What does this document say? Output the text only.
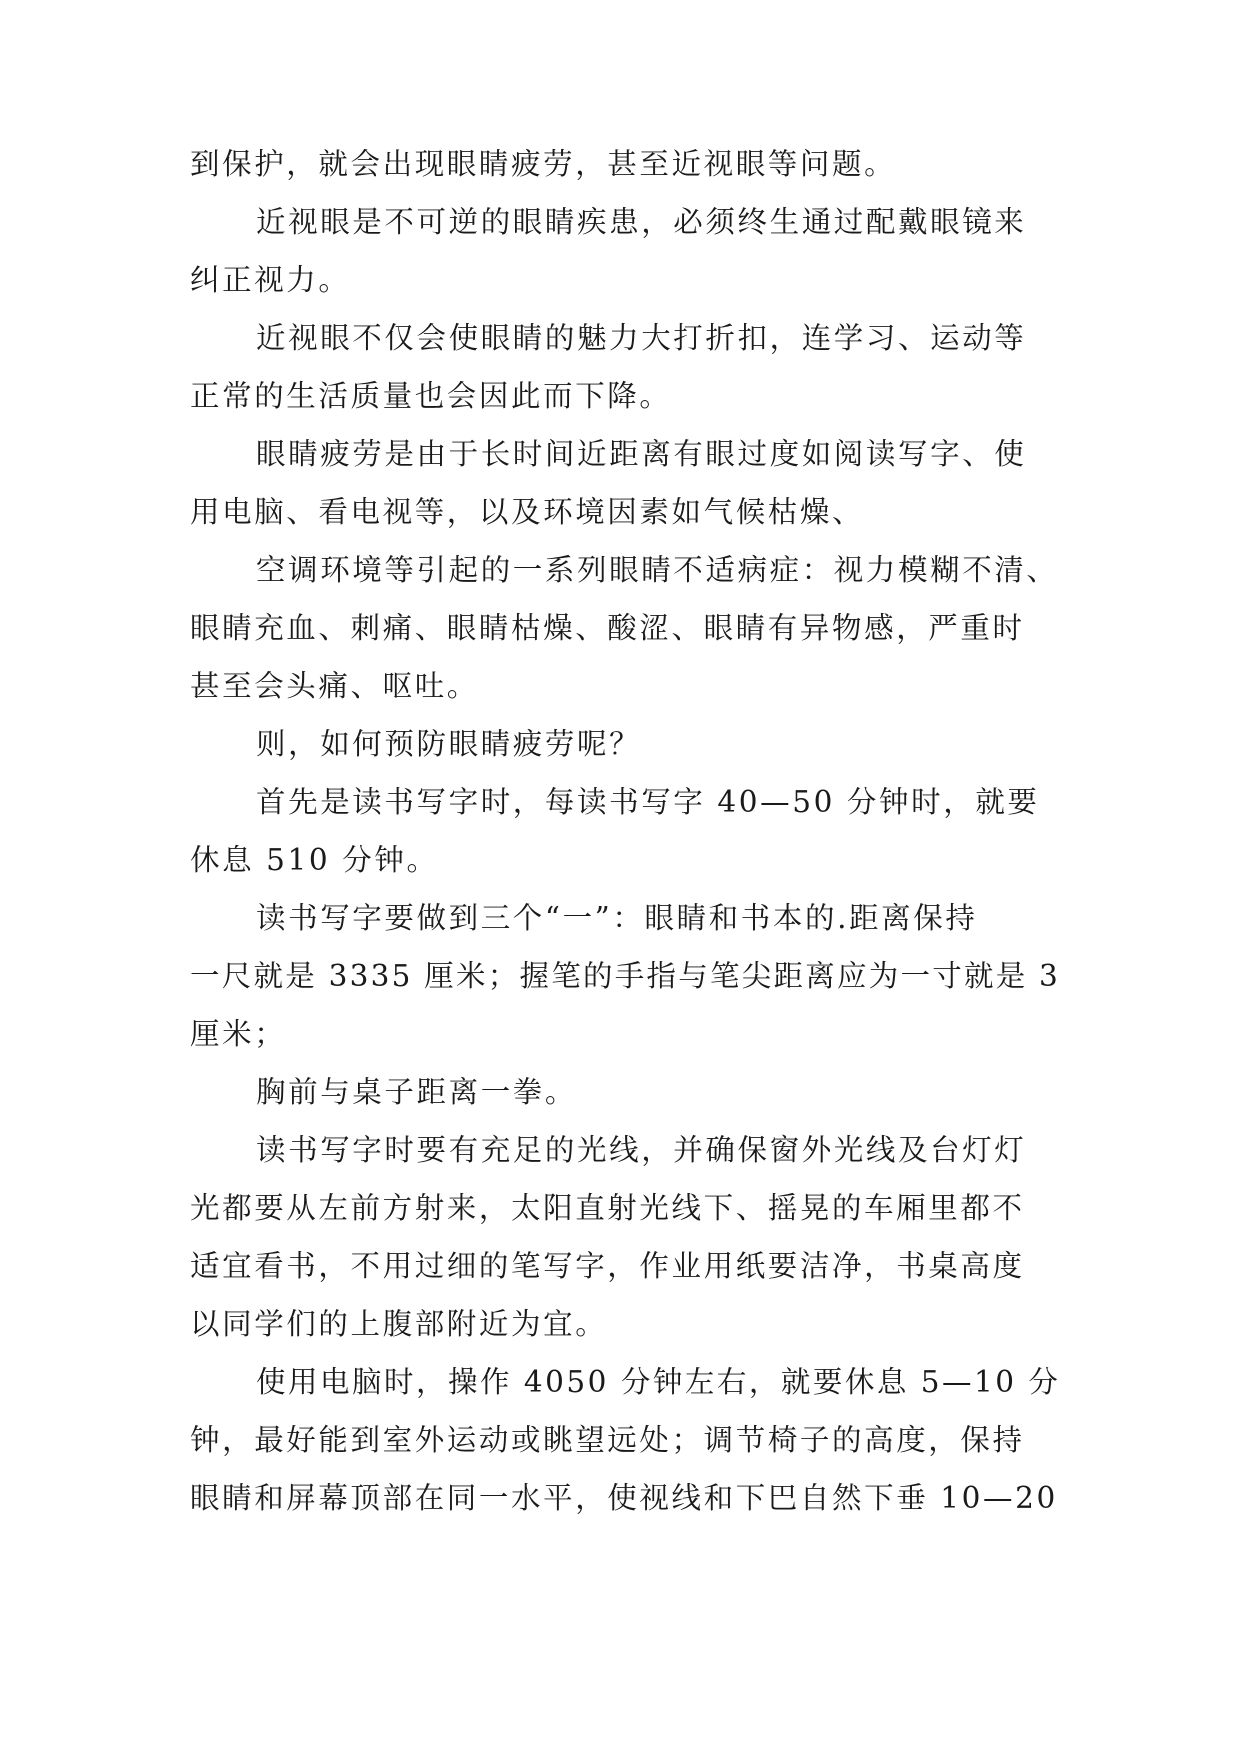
到保护，就会出现眼睛疲劳，甚至近视眼等问题。
近视眼是不可逆的眼睛疾患，必须终生通过配戴眼镜来
纠正视力。
近视眼不仅会使眼睛的魅力大打折扣，连学习、运动等
正常的生活质量也会因此而下降。
眼睛疲劳是由于长时间近距离有眼过度如阅读写字、使
用电脑、看电视等，以及环境因素如气候枯燥、
空调环境等引起的一系列眼睛不适病症：视力模糊不清、
眼睛充血、刺痛、眼睛枯燥、酸涩、眼睛有异物感，严重时
甚至会头痛、呕吐。
则，如何预防眼睛疲劳呢？
首先是读书写字时，每读书写字 40—50 分钟时，就要
休息 510 分钟。
读书写字要做到三个“一”：眼睛和书本的.距离保持
一尺就是 3335 厘米；握笔的手指与笔尖距离应为一寸就是 3
厘米；
胸前与桌子距离一拳。
读书写字时要有充足的光线，并确保窗外光线及台灯灯
光都要从左前方射来，太阳直射光线下、摇晃的车厢里都不
适宜看书，不用过细的笔写字，作业用纸要洁净，书桌高度
以同学们的上腹部附近为宜。
使用电脑时，操作 4050 分钟左右，就要休息 5—10 分
钟，最好能到室外运动或眺望远处；调节椅子的高度，保持
眼睛和屏幕顶部在同一水平，使视线和下巴自然下垂 10—20
